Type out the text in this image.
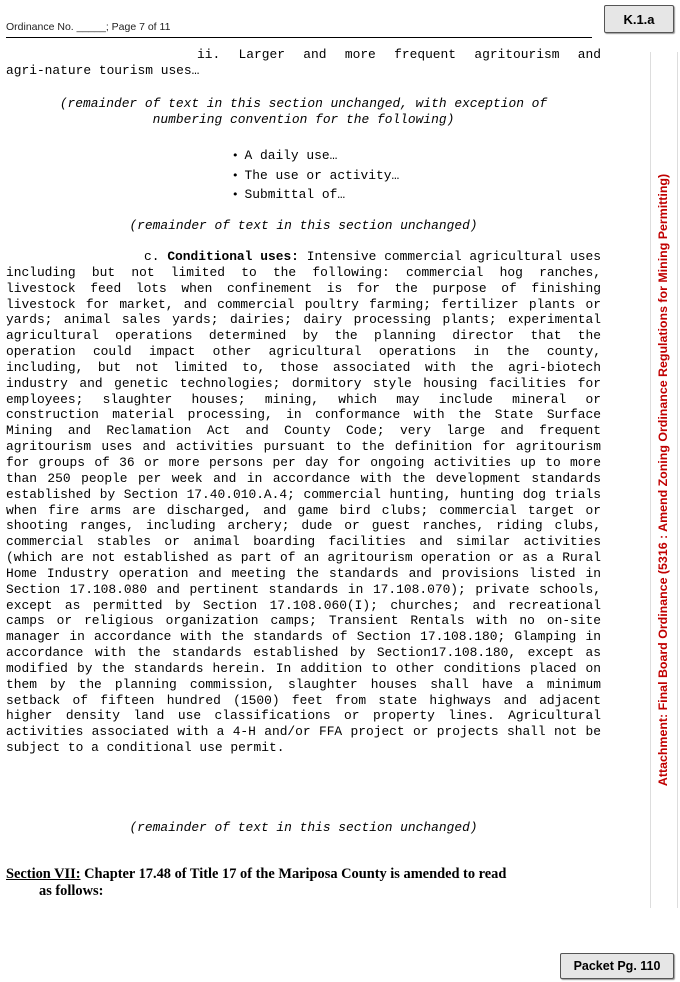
Ordinance No. _____; Page 7 of 11
K.1.a
Attachment: Final Board Ordinance (5316 : Amend Zoning Ordinance Regulations for Mining Permitting)
ii. Larger and more frequent agritourism and
agri-nature tourism uses…
(remainder of text in this section unchanged, with exception of
numbering convention for the following)
• A daily use…
• The use or activity…
• Submittal of…
(remainder of text in this section unchanged)
c. Conditional uses: Intensive commercial agricultural uses including but not limited to the following: commercial hog ranches, livestock feed lots when confinement is for the purpose of finishing livestock for market, and commercial poultry farming; fertilizer plants or yards; animal sales yards; dairies; dairy processing plants; experimental agricultural operations determined by the planning director that the operation could impact other agricultural operations in the county, including, but not limited to, those associated with the agri-biotech industry and genetic technologies; dormitory style housing facilities for employees; slaughter houses; mining, which may include mineral or construction material processing, in conformance with the State Surface Mining and Reclamation Act and County Code; very large and frequent agritourism uses and activities pursuant to the definition for agritourism for groups of 36 or more persons per day for ongoing activities up to more than 250 people per week and in accordance with the development standards established by Section 17.40.010.A.4; commercial hunting, hunting dog trials when fire arms are discharged, and game bird clubs; commercial target or shooting ranges, including archery; dude or guest ranches, riding clubs, commercial stables or animal boarding facilities and similar activities (which are not established as part of an agritourism operation or as a Rural Home Industry operation and meeting the standards and provisions listed in Section 17.108.080 and pertinent standards in 17.108.070); private schools, except as permitted by Section 17.108.060(I); churches; and recreational camps or religious organization camps; Transient Rentals with no on-site manager in accordance with the standards of Section 17.108.180; Glamping in accordance with the standards established by Section17.108.180, except as modified by the standards herein. In addition to other conditions placed on them by the planning commission, slaughter houses shall have a minimum setback of fifteen hundred (1500) feet from state highways and adjacent higher density land use classifications or property lines. Agricultural activities associated with a 4-H and/or FFA project or projects shall not be subject to a conditional use permit.
(remainder of text in this section unchanged)
Section VII: Chapter 17.48 of Title 17 of the Mariposa County is amended to read
as follows:
Packet Pg. 110
